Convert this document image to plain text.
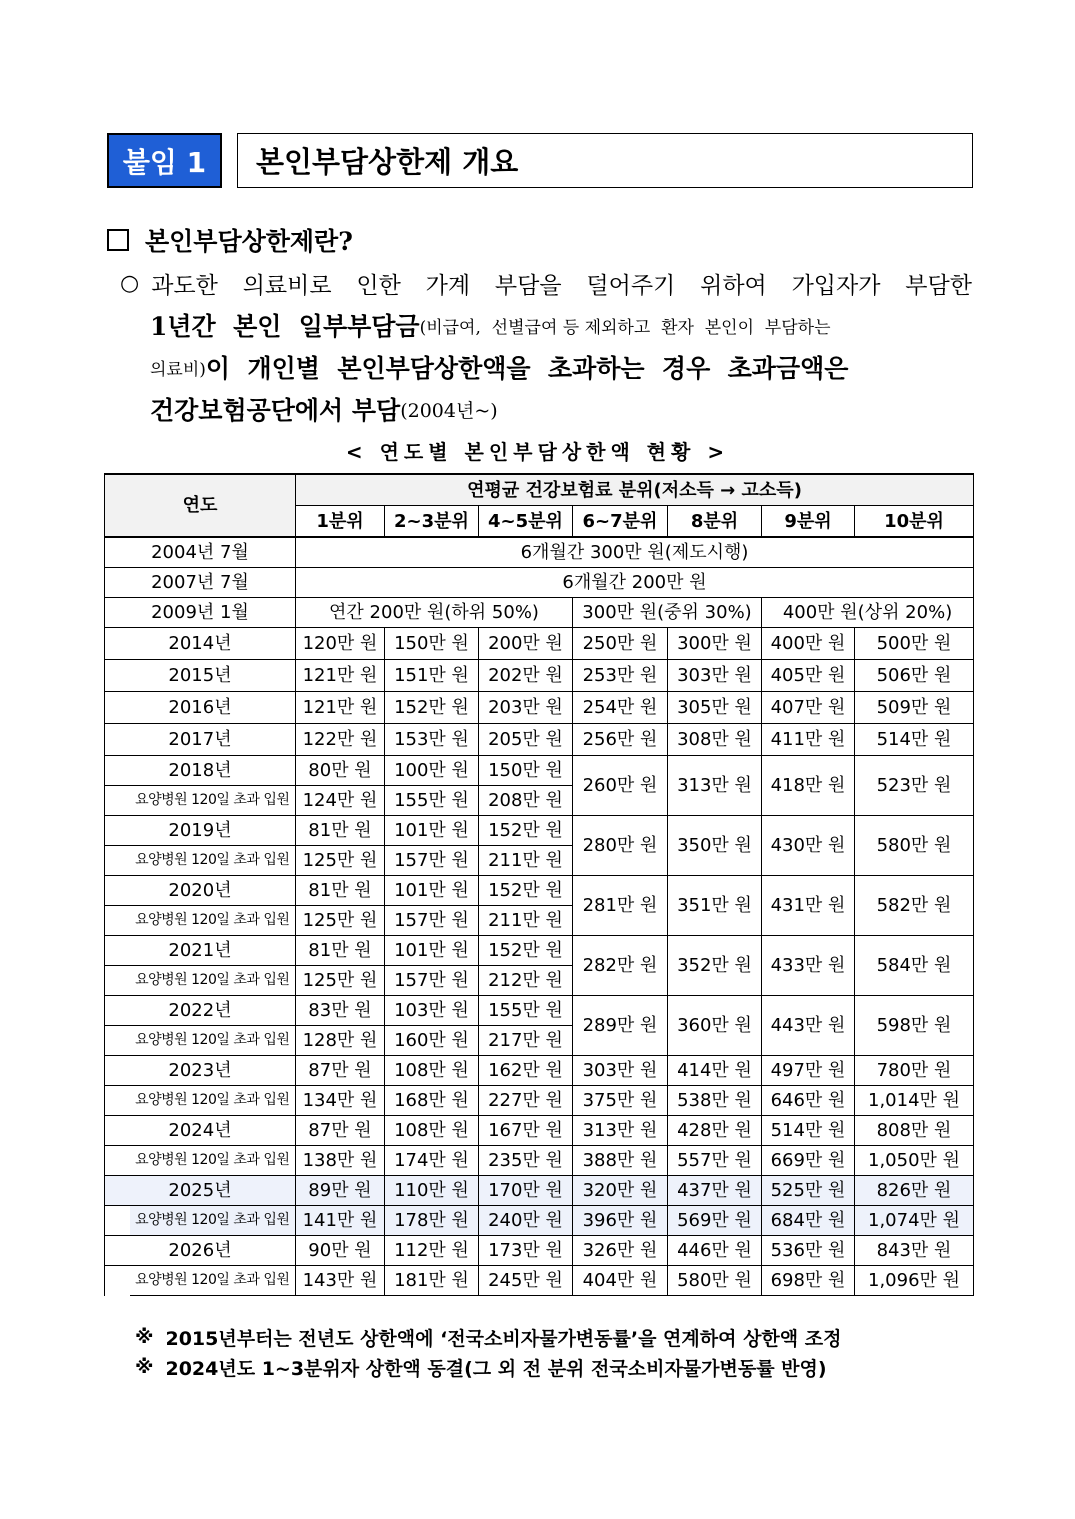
붙임 1	본인부담상한제 개요
본인부담상한제란?
○ 과도한 의료비로 인한 가계 부담을 덜어주기 위하여 가입자가 부담한
1년간  본인  일부부담금 (비급여,  선별급여 등 제외하고  환자  본인이  부담하는
의료비) 이  개인별  본인부담상한액을  초과하는  경우  초과금액은
건강보험공단에서 부담 (2004년~)
< 연도별 본인부담상한액 현황 >
연도		연평균 건강보험료 분위(저소득 → 고소득)						
		1분위	2~3분위	4~5분위	6~7분위	8분위	9분위	10분위
2004년 7월		6개월간 300만 원(제도시행)						
2007년 7월		6개월간 200만 원						
2009년 1월		연간 200만 원(하위 50%)			300만 원(중위 30%)		400만 원(상위 20%)	
2014년		120만 원	150만 원	200만 원	250만 원	300만 원	400만 원	500만 원
2015년		121만 원	151만 원	202만 원	253만 원	303만 원	405만 원	506만 원
2016년		121만 원	152만 원	203만 원	254만 원	305만 원	407만 원	509만 원
2017년		122만 원	153만 원	205만 원	256만 원	308만 원	411만 원	514만 원
2018년		80만 원	100만 원	150만 원	260만 원	313만 원	418만 원	523만 원
	요양병원 120일 초과 입원	124만 원	155만 원	208만 원				
2019년		81만 원	101만 원	152만 원	280만 원	350만 원	430만 원	580만 원
	요양병원 120일 초과 입원	125만 원	157만 원	211만 원				
2020년		81만 원	101만 원	152만 원	281만 원	351만 원	431만 원	582만 원
	요양병원 120일 초과 입원	125만 원	157만 원	211만 원				
2021년		81만 원	101만 원	152만 원	282만 원	352만 원	433만 원	584만 원
	요양병원 120일 초과 입원	125만 원	157만 원	212만 원				
2022년		83만 원	103만 원	155만 원	289만 원	360만 원	443만 원	598만 원
	요양병원 120일 초과 입원	128만 원	160만 원	217만 원				
2023년		87만 원	108만 원	162만 원	303만 원	414만 원	497만 원	780만 원
	요양병원 120일 초과 입원	134만 원	168만 원	227만 원	375만 원	538만 원	646만 원	1,014만 원
2024년		87만 원	108만 원	167만 원	313만 원	428만 원	514만 원	808만 원
	요양병원 120일 초과 입원	138만 원	174만 원	235만 원	388만 원	557만 원	669만 원	1,050만 원
2025년		89만 원	110만 원	170만 원	320만 원	437만 원	525만 원	826만 원
	요양병원 120일 초과 입원	141만 원	178만 원	240만 원	396만 원	569만 원	684만 원	1,074만 원
2026년		90만 원	112만 원	173만 원	326만 원	446만 원	536만 원	843만 원
	요양병원 120일 초과 입원	143만 원	181만 원	245만 원	404만 원	580만 원	698만 원	1,096만 원
※ 2015년부터는 전년도 상한액에 ‘전국소비자물가변동률’을 연계하여 상한액 조정
※ 2024년도 1~3분위자 상한액 동결(그 외 전 분위 전국소비자물가변동률 반영)
